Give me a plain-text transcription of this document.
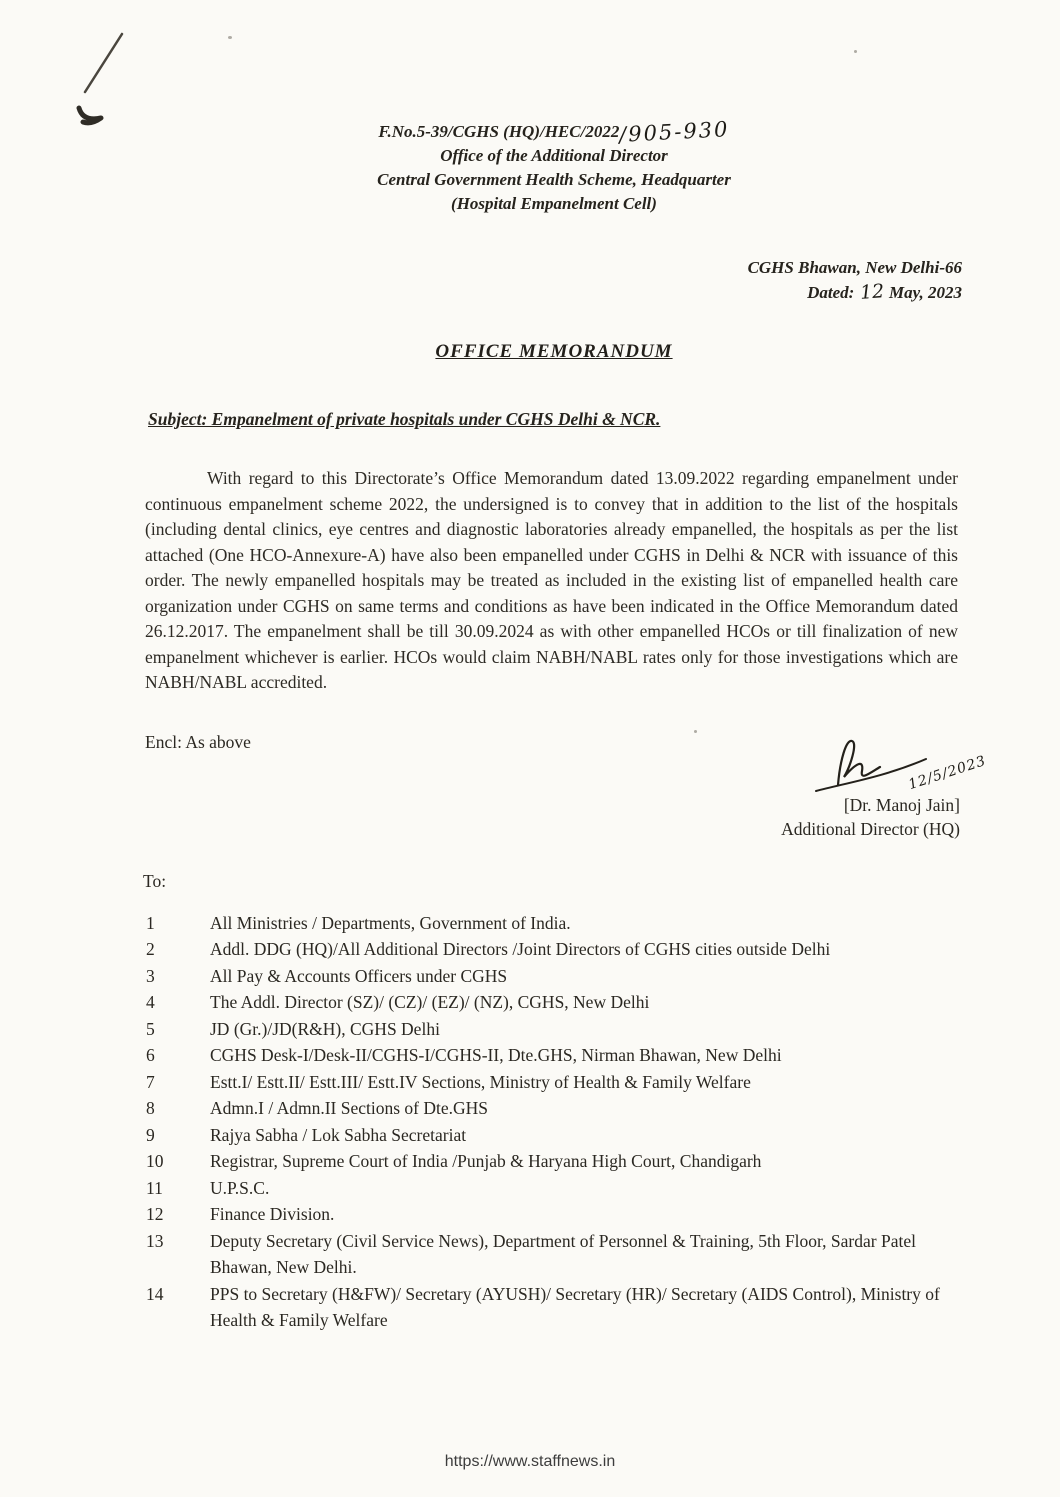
F.No.5-39/CGHS (HQ)/HEC/2022/905-930
Office of the Additional Director
Central Government Health Scheme, Headquarter
(Hospital Empanelment Cell)
CGHS Bhawan, New Delhi-66
Dated: 12 May, 2023
OFFICE MEMORANDUM
Subject: Empanelment of private hospitals under CGHS Delhi & NCR.

With regard to this Directorate’s Office Memorandum dated 13.09.2022 regarding empanelment under continuous empanelment scheme 2022, the undersigned is to convey that in addition to the list of the hospitals (including dental clinics, eye centres and diagnostic laboratories already empanelled, the hospitals as per the list attached (One HCO-Annexure-A) have also been empanelled under CGHS in Delhi & NCR with issuance of this order. The newly empanelled hospitals may be treated as included in the existing list of empanelled health care organization under CGHS on same terms and conditions as have been indicated in the Office Memorandum dated 26.12.2017. The empanelment shall be till 30.09.2024 as with other empanelled HCOs or till finalization of new empanelment whichever is earlier. HCOs would claim NABH/NABL rates only for those investigations which are NABH/NABL accredited.

Encl: As above
12/5/2023
[Dr. Manoj Jain]
Additional Director (HQ)
To:
1	All Ministries / Departments, Government of India.
2	Addl. DDG (HQ)/All Additional Directors /Joint Directors of CGHS cities outside Delhi
3	All Pay & Accounts Officers under CGHS
4	The Addl. Director (SZ)/ (CZ)/ (EZ)/ (NZ), CGHS, New Delhi
5	JD (Gr.)/JD(R&H), CGHS Delhi
6	CGHS Desk-I/Desk-II/CGHS-I/CGHS-II, Dte.GHS, Nirman Bhawan, New Delhi
7	Estt.I/ Estt.II/ Estt.III/ Estt.IV Sections, Ministry of Health & Family Welfare
8	Admn.I / Admn.II Sections of Dte.GHS
9	Rajya Sabha / Lok Sabha Secretariat
10	Registrar, Supreme Court of India /Punjab & Haryana High Court, Chandigarh
11	U.P.S.C.
12	Finance Division.
13	Deputy Secretary (Civil Service News), Department of Personnel & Training, 5th Floor, Sardar Patel Bhawan, New Delhi.
14	PPS to Secretary (H&FW)/ Secretary (AYUSH)/ Secretary (HR)/ Secretary (AIDS Control), Ministry of Health & Family Welfare
https://www.staffnews.in
